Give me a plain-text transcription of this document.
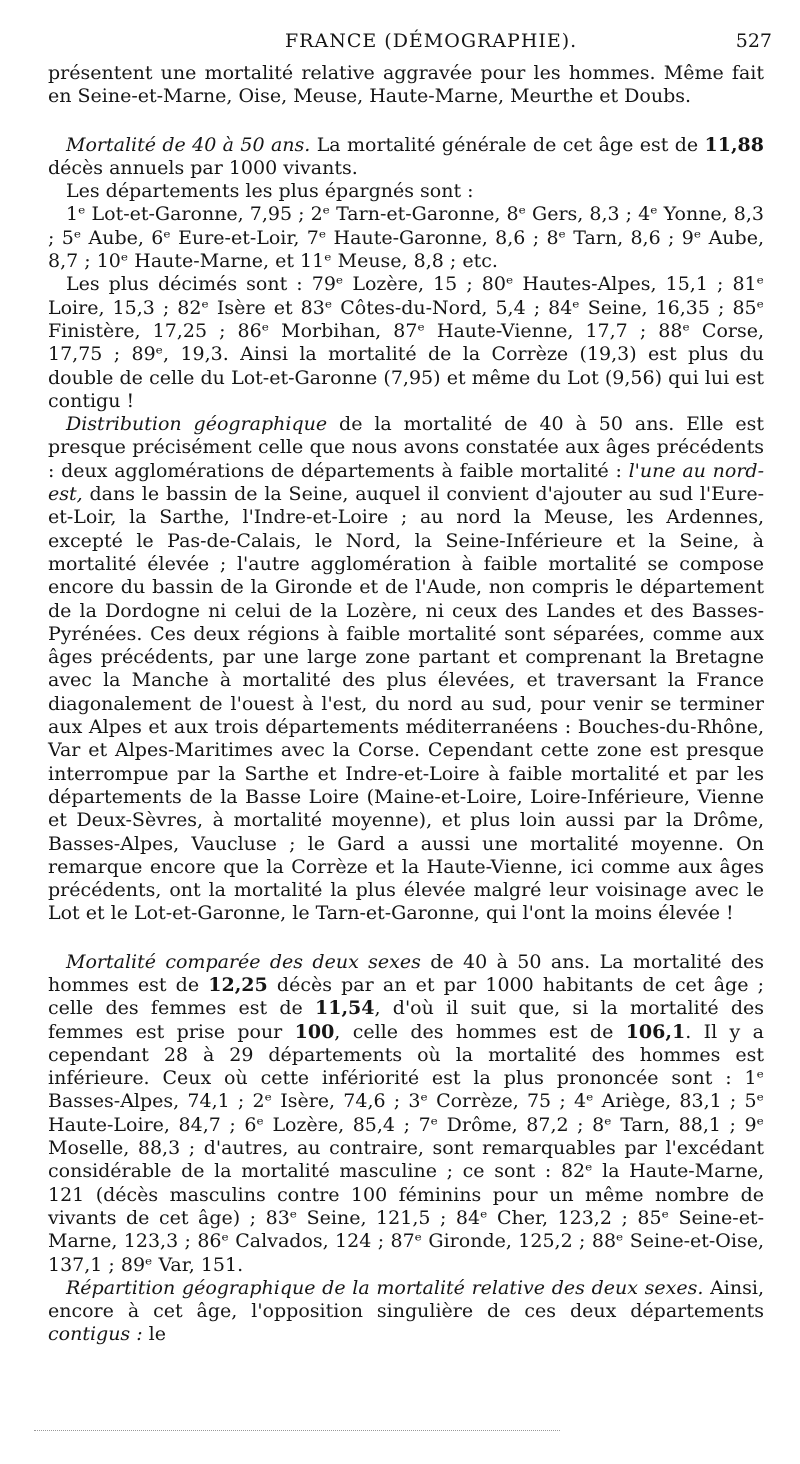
FRANCE (DÉMOGRAPHIE).	527

présentent une mortalité relative aggravée pour les hommes. Même fait en Seine-et-Marne, Oise, Meuse, Haute-Marne, Meurthe et Doubs.

Mortalité de 40 à 50 ans. La mortalité générale de cet âge est de 11,88 décès annuels par 1000 vivants.

Les départements les plus épargnés sont :

1ᵉ Lot-et-Garonne, 7,95 ; 2ᵉ Tarn-et-Garonne, 8ᵉ Gers, 8,3 ; 4ᵉ Yonne, 8,3 ; 5ᵉ Aube, 6ᵉ Eure-et-Loir, 7ᵉ Haute-Garonne, 8,6 ; 8ᵉ Tarn, 8,6 ; 9ᵉ Aube, 8,7 ; 10ᵉ Haute-Marne, et 11ᵉ Meuse, 8,8 ; etc.

Les plus décimés sont : 79ᵉ Lozère, 15 ; 80ᵉ Hautes-Alpes, 15,1 ; 81ᵉ Loire, 15,3 ; 82ᵉ Isère et 83ᵉ Côtes-du-Nord, 5,4 ; 84ᵉ Seine, 16,35 ; 85ᵉ Finistère, 17,25 ; 86ᵉ Morbihan, 87ᵉ Haute-Vienne, 17,7 ; 88ᵉ Corse, 17,75 ; 89ᵉ, 19,3. Ainsi la mortalité de la Corrèze (19,3) est plus du double de celle du Lot-et-Garonne (7,95) et même du Lot (9,56) qui lui est contigu !

Distribution géographique de la mortalité de 40 à 50 ans. Elle est presque précisément celle que nous avons constatée aux âges précédents : deux agglomérations de départements à faible mortalité : l'une au nord-est, dans le bassin de la Seine, auquel il convient d'ajouter au sud l'Eure-et-Loir, la Sarthe, l'Indre-et-Loire ; au nord la Meuse, les Ardennes, excepté le Pas-de-Calais, le Nord, la Seine-Inférieure et la Seine, à mortalité élevée ; l'autre agglomération à faible mortalité se compose encore du bassin de la Gironde et de l'Aude, non compris le département de la Dordogne ni celui de la Lozère, ni ceux des Landes et des Basses-Pyrénées. Ces deux régions à faible mortalité sont séparées, comme aux âges précédents, par une large zone partant et comprenant la Bretagne avec la Manche à mortalité des plus élevées, et traversant la France diagonalement de l'ouest à l'est, du nord au sud, pour venir se terminer aux Alpes et aux trois départements méditerranéens : Bouches-du-Rhône, Var et Alpes-Maritimes avec la Corse. Cependant cette zone est presque interrompue par la Sarthe et Indre-et-Loire à faible mortalité et par les départements de la Basse Loire (Maine-et-Loire, Loire-Inférieure, Vienne et Deux-Sèvres, à mortalité moyenne), et plus loin aussi par la Drôme, Basses-Alpes, Vaucluse ; le Gard a aussi une mortalité moyenne. On remarque encore que la Corrèze et la Haute-Vienne, ici comme aux âges précédents, ont la mortalité la plus élevée malgré leur voisinage avec le Lot et le Lot-et-Garonne, le Tarn-et-Garonne, qui l'ont la moins élevée !

Mortalité comparée des deux sexes de 40 à 50 ans. La mortalité des hommes est de 12,25 décès par an et par 1000 habitants de cet âge ; celle des femmes est de 11,54, d'où il suit que, si la mortalité des femmes est prise pour 100, celle des hommes est de 106,1. Il y a cependant 28 à 29 départements où la mortalité des hommes est inférieure. Ceux où cette infériorité est la plus prononcée sont : 1ᵉ Basses-Alpes, 74,1 ; 2ᵉ Isère, 74,6 ; 3ᵉ Corrèze, 75 ; 4ᵉ Ariège, 83,1 ; 5ᵉ Haute-Loire, 84,7 ; 6ᵉ Lozère, 85,4 ; 7ᵉ Drôme, 87,2 ; 8ᵉ Tarn, 88,1 ; 9ᵉ Moselle, 88,3 ; d'autres, au contraire, sont remarquables par l'excédant considérable de la mortalité masculine ; ce sont : 82ᵉ la Haute-Marne, 121 (décès masculins contre 100 féminins pour un même nombre de vivants de cet âge) ; 83ᵉ Seine, 121,5 ; 84ᵉ Cher, 123,2 ; 85ᵉ Seine-et-Marne, 123,3 ; 86ᵉ Calvados, 124 ; 87ᵉ Gironde, 125,2 ; 88ᵉ Seine-et-Oise, 137,1 ; 89ᵉ Var, 151.

Répartition géographique de la mortalité relative des deux sexes. Ainsi, encore à cet âge, l'opposition singulière de ces deux départements contigus : le
